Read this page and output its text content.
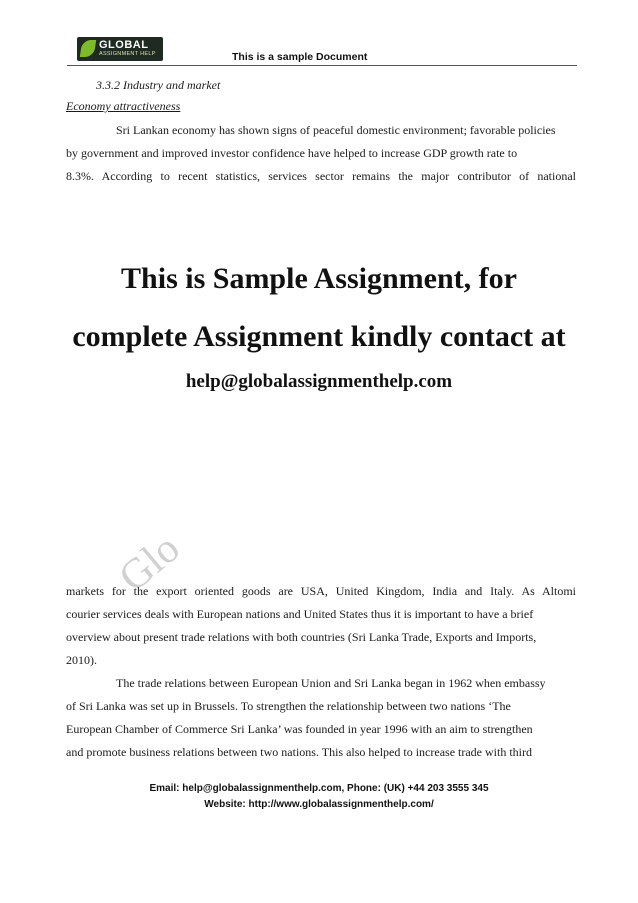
GLOBAL
ASSIGNMENT HELP	This is a sample Document
3.3.2 Industry and market
Economy attractiveness
Sri Lankan economy has shown signs of peaceful domestic environment; favorable policies
by government and improved investor confidence have helped to increase GDP growth rate to
8.3%. According to recent statistics, services sector remains the major contributor of national
This is Sample Assignment, for
complete Assignment kindly contact at
help@globalassignmenthelp.com
Glo
markets for the export oriented goods are USA, United Kingdom, India and Italy. As Altomi
courier services deals with European nations and United States thus it is important to have a brief
overview about present trade relations with both countries (Sri Lanka Trade, Exports and Imports,
2010).
The trade relations between European Union and Sri Lanka began in 1962 when embassy
of Sri Lanka was set up in Brussels. To strengthen the relationship between two nations ‘The
European Chamber of Commerce Sri Lanka’ was founded in year 1996 with an aim to strengthen
and promote business relations between two nations. This also helped to increase trade with third
Email: help@globalassignmenthelp.com, Phone: (UK) +44 203 3555 345
Website: http://www.globalassignmenthelp.com/
